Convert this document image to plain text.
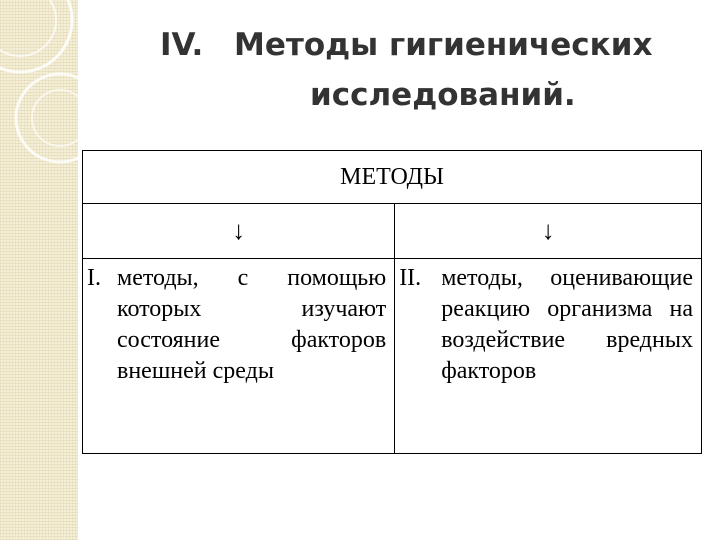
IV. Методы гигиенических
исследований.
МЕТОДЫ	
↓	↓

I. методы, с помощью которых изучают состояние факторов внешней среды	II. методы, оценивающие реакцию организма на воздействие вредных факторов
